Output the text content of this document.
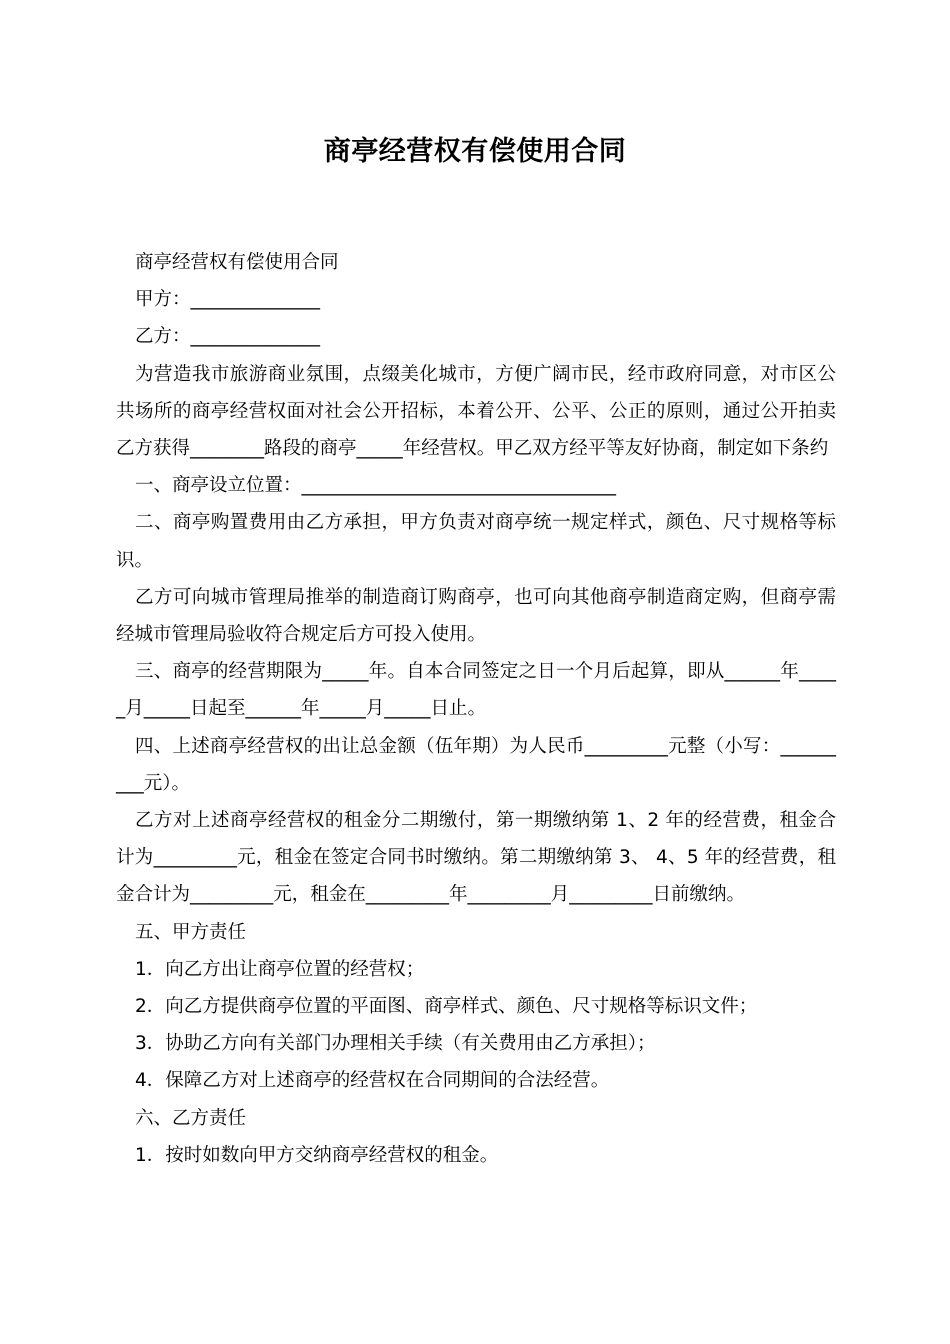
商亭经营权有偿使用合同

商亭经营权有偿使用合同

甲方：______________

乙方：______________

为营造我市旅游商业氛围，点缀美化城市，方便广阔市民，经市政府同意，对市区公共场所的商亭经营权面对社会公开招标，本着公开、公平、公正的原则，通过公开拍卖乙方获得________路段的商亭_____年经营权。甲乙双方经平等友好协商，制定如下条约

一、商亭设立位置：__________________________________

二、商亭购置费用由乙方承担，甲方负责对商亭统一规定样式，颜色、尺寸规格等标识。

乙方可向城市管理局推举的制造商订购商亭，也可向其他商亭制造商定购，但商亭需经城市管理局验收符合规定后方可投入使用。

三、商亭的经营期限为_____年。自本合同签定之日一个月后起算，即从______年_____月_____日起至______年_____月_____日止。

四、上述商亭经营权的出让总金额（伍年期）为人民币_________元整（小写：_________元）。

乙方对上述商亭经营权的租金分二期缴付，第一期缴纳第 1、2 年的经营费，租金合计为_________元，租金在签定合同书时缴纳。第二期缴纳第 3、 4、5 年的经营费，租金合计为_________元，租金在_________年_________月_________日前缴纳。

五、甲方责任

1．向乙方出让商亭位置的经营权；

2．向乙方提供商亭位置的平面图、商亭样式、颜色、尺寸规格等标识文件；

3．协助乙方向有关部门办理相关手续（有关费用由乙方承担）；

4．保障乙方对上述商亭的经营权在合同期间的合法经营。

六、乙方责任

1．按时如数向甲方交纳商亭经营权的租金。
